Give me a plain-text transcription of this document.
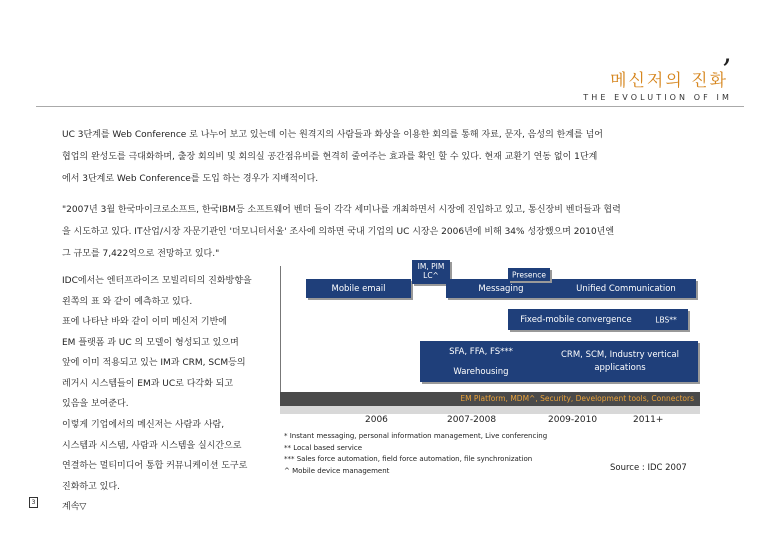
,
메신저의 진화
THE EVOLUTION OF IM
UC 3단계를 Web Conference 로 나누어 보고 있는데 이는 원격지의 사람들과 화상을 이용한 회의를 통해 자료, 문자, 음성의 한계를 넘어
협업의 완성도를 극대화하며, 출장 회의비 및 회의실 공간점유비를 현격히 줄여주는 효과를 확인 할 수 있다. 현재 교환기 연동 없이 1단계
에서 3단계로 Web Conference를 도입 하는 경우가 지배적이다.
"2007년 3월 한국마이크로소프트, 한국IBM등 소프트웨어 벤더 들이 각각 세미나를 개최하면서 시장에 진입하고 있고, 통신장비 벤더들과 협력
을 시도하고 있다. IT산업/시장 자문기관인 '더모니터서울' 조사에 의하면 국내 기업의 UC 시장은 2006년에 비해 34% 성장했으며 2010년엔
그 규모를 7,422억으로 전망하고 있다."
IDC에서는 엔터프라이즈 모빌리티의 진화방향을
왼쪽의 표 와 같이 예측하고 있다.
표에 나타난 바와 같이 이미 메신저 기반에
EM 플랫폼 과 UC 의 모델이 형성되고 있으며
앞에 이미 적용되고 있는 IM과 CRM, SCM등의
레거시 시스템들이 EM과 UC로 다각화 되고
있음을 보여준다.
이렇게 기업에서의 메신저는 사람과 사람,
시스템과 시스템, 사람과 시스템을 실시간으로
연결하는 멀티미디어 통합 커뮤니케이션 도구로
진화하고 있다.
계속▽
Mobile email
IM, PIM
LC^
Messaging
Presence
Unified Communication
Fixed-mobile convergence	LBS**
SFA, FFA, FS***
Warehousing
CRM, SCM, Industry vertical
applications
EM Platform, MDM^, Security, Development tools, Connectors
2006	2007-2008	2009-2010	2011+
* Instant messaging, personal information management, Live conferencing
** Local based service
*** Sales force automation, field force automation, file synchronization
^ Mobile device management	Source : IDC 2007
3
